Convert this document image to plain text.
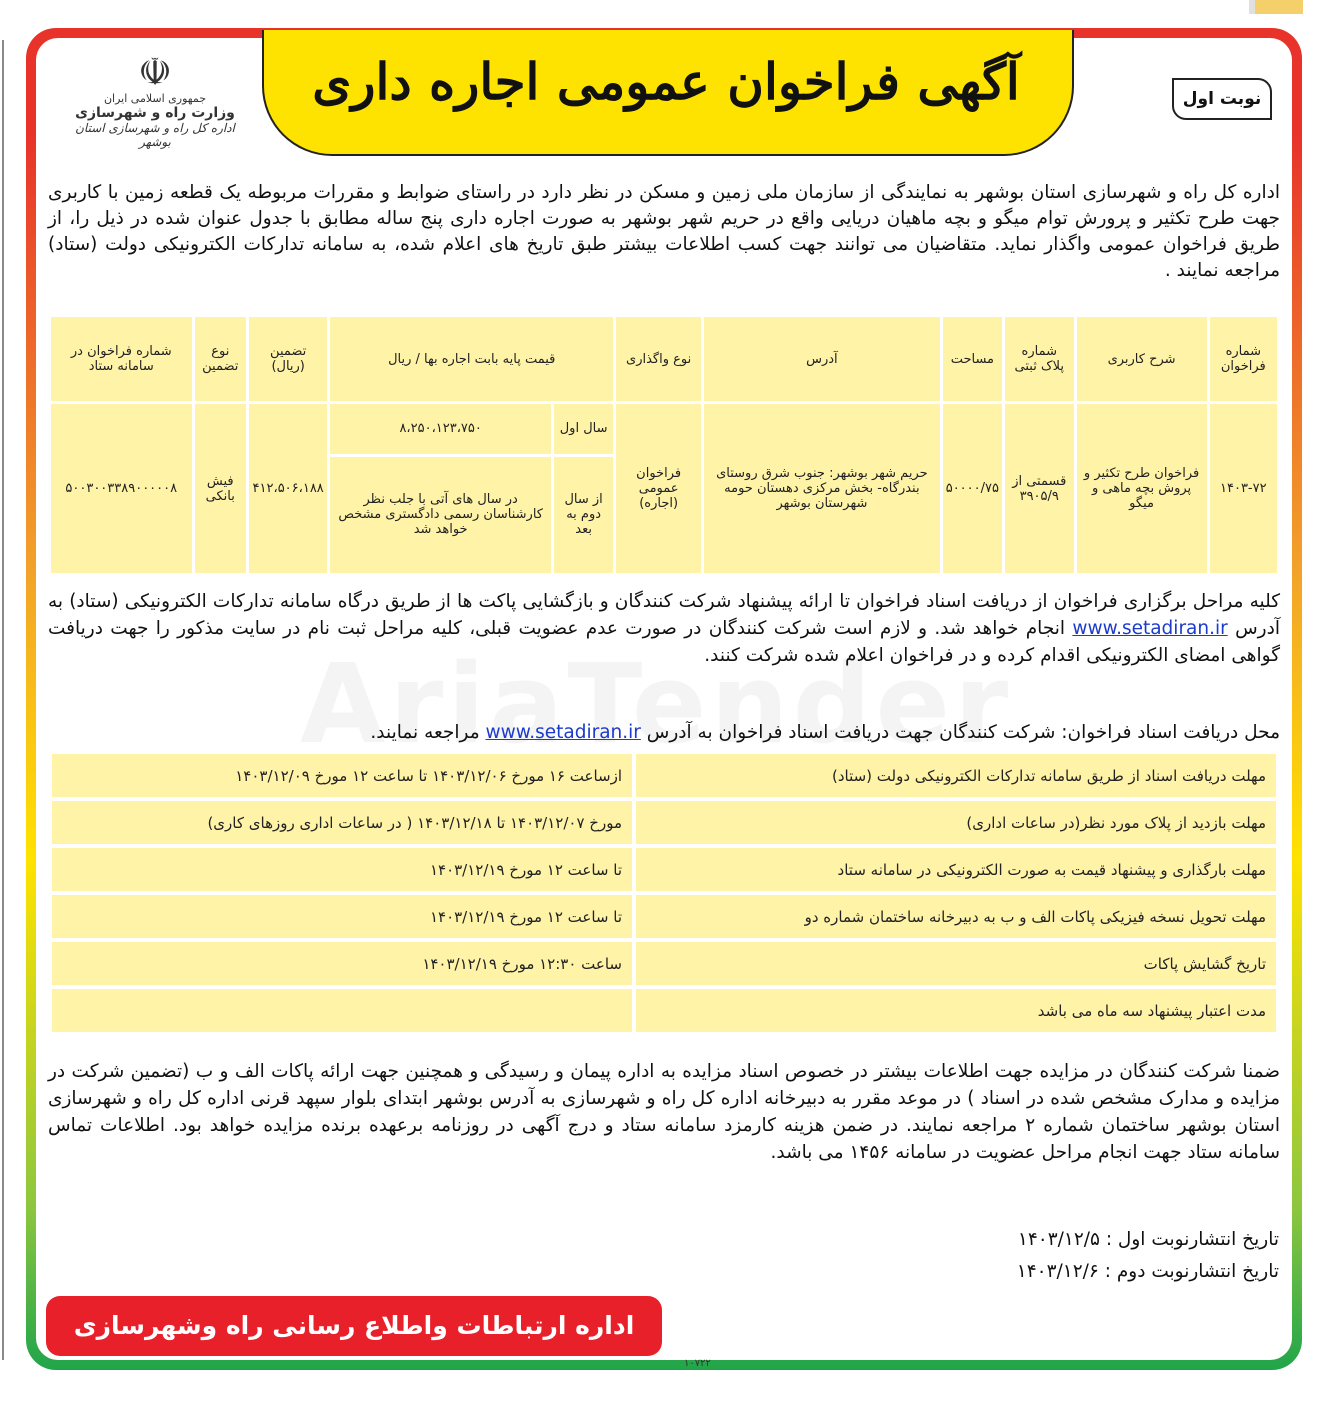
آگهی فراخوان عمومی اجاره داری
☫
جمهوری اسلامی ایران
وزارت راه و شهرسازی
اداره کل راه و شهرسازی استان بوشهر
نوبت اول
اداره کل راه و شهرسازی استان بوشهر به نمایندگی از سازمان ملی زمین و مسکن در نظر دارد در راستای ضوابط و مقررات مربوطه یک قطعه زمین با کاربری جهت طرح تکثیر و پرورش توام میگو و بچه ماهیان دریایی واقع در حریم شهر بوشهر به صورت اجاره داری پنج ساله مطابق با جدول عنوان شده در ذیل را، از طریق فراخوان عمومی واگذار نماید. متقاضیان می توانند جهت کسب اطلاعات بیشتر طبق تاریخ های اعلام شده، به سامانه تدارکات الکترونیکی دولت (ستاد) مراجعه نمایند .
شماره فراخوان	شرح کاربری	شماره پلاک ثبتی	مساحت	آدرس	نوع واگذاری	قیمت پایه بابت اجاره بها / ریال		تضمین (ریال)	نوع تضمین	شماره فراخوان در سامانه ستاد
۱۴۰۳-۷۲	فراخوان طرح تکثیر و پروش بچه ماهی و میگو	قسمتی از ۳۹۰۵/۹	۵۰۰۰۰/۷۵	حریم شهر بوشهر: جنوب شرق روستای بندرگاه- بخش مرکزی دهستان حومه شهرستان بوشهر	فراخوان عمومی (اجاره)	سال اول	۸،۲۵۰،۱۲۳،۷۵۰	۴۱۲،۵۰۶،۱۸۸	فیش بانکی	۵۰۰۳۰۰۳۳۸۹۰۰۰۰۰۸
						از سال دوم به بعد	در سال های آتی با جلب نظر کارشناسان رسمی دادگستری مشخص خواهد شد			
کلیه مراحل برگزاری فراخوان از دریافت اسناد فراخوان تا ارائه پیشنهاد شرکت کنندگان و بازگشایی پاکت ها از طریق درگاه سامانه تدارکات الکترونیکی (ستاد) به آدرس www.setadiran.ir انجام خواهد شد. و لازم است شرکت کنندگان در صورت عدم عضویت قبلی، کلیه مراحل ثبت نام در سایت مذکور را جهت دریافت گواهی امضای الکترونیکی اقدام کرده و در فراخوان اعلام شده شرکت کنند.
محل دریافت اسناد فراخوان: شرکت کنندگان جهت دریافت اسناد فراخوان به آدرس www.setadiran.ir مراجعه نمایند.
مهلت دریافت اسناد از طریق سامانه تدارکات الکترونیکی دولت (ستاد)	ازساعت ۱۶ مورخ ۱۴۰۳/۱۲/۰۶ تا ساعت ۱۲ مورخ ۱۴۰۳/۱۲/۰۹
مهلت بازدید از پلاک مورد نظر(در ساعات اداری)	مورخ ۱۴۰۳/۱۲/۰۷ تا ۱۴۰۳/۱۲/۱۸ ( در ساعات اداری روزهای کاری)
مهلت بارگذاری و پیشنهاد قیمت به صورت الکترونیکی در سامانه ستاد	تا ساعت ۱۲ مورخ ۱۴۰۳/۱۲/۱۹
مهلت تحویل نسخه فیزیکی پاکات الف و ب به دبیرخانه ساختمان شماره دو	تا ساعت ۱۲ مورخ ۱۴۰۳/۱۲/۱۹
تاریخ گشایش پاکات	ساعت ۱۲:۳۰ مورخ ۱۴۰۳/۱۲/۱۹
مدت اعتبار پیشنهاد سه ماه می باشد	
ضمنا شرکت کنندگان در مزایده جهت اطلاعات بیشتر در خصوص اسناد مزایده به اداره پیمان و رسیدگی و همچنین جهت ارائه پاکات الف و ب (تضمین شرکت در مزایده و مدارک مشخص شده در اسناد ) در موعد مقرر به دبیرخانه اداره کل راه و شهرسازی به آدرس بوشهر ابتدای بلوار سپهد قرنی اداره کل راه و شهرسازی استان بوشهر ساختمان شماره ۲ مراجعه نمایند. در ضمن هزینه کارمزد سامانه ستاد و درج آگهی در روزنامه برعهده برنده مزایده خواهد بود. اطلاعات تماس سامانه ستاد جهت انجام مراحل عضویت در سامانه ۱۴۵۶ می باشد.
تاریخ انتشارنوبت اول : ۱۴۰۳/۱۲/۵
تاریخ انتشارنوبت دوم : ۱۴۰۳/۱۲/۶
اداره ارتباطات واطلاع رسانی راه وشهرسازی استان بوشهر
۱۰۷۲۲
